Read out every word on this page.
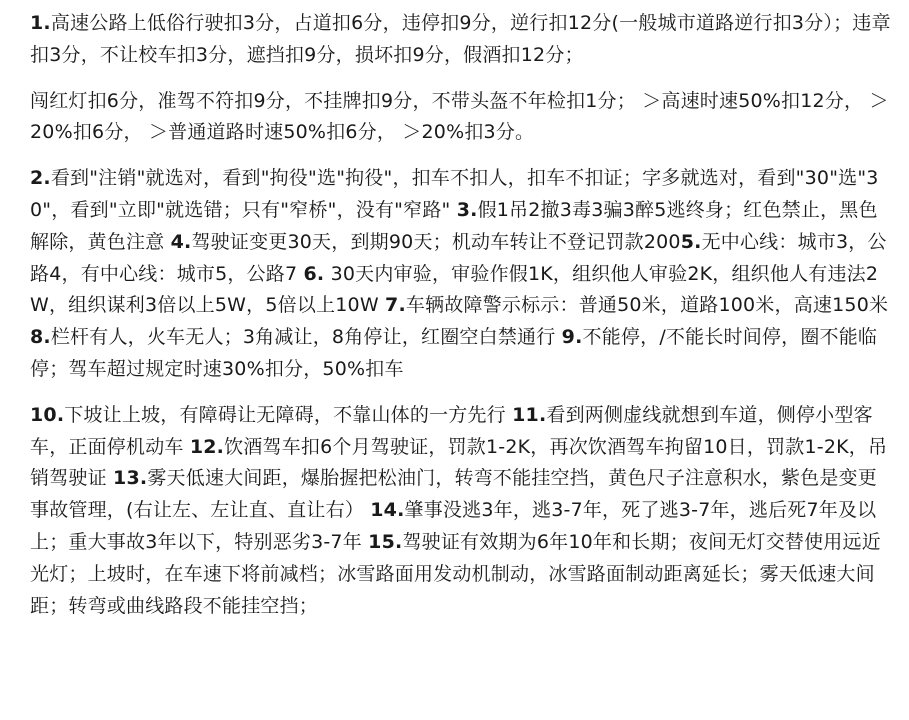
1.高速公路上低俗行驶扣3分，占道扣6分，违停扣9分，逆行扣12分(一般城市道路逆行扣3分）；违章扣3分，不让校车扣3分，遮挡扣9分，损坏扣9分，假酒扣12分；

闯红灯扣6分，准驾不符扣9分，不挂牌扣9分，不带头盔不年检扣1分； ＞高速时速50%扣12分， ＞20%扣6分， ＞普通道路时速50%扣6分， ＞20%扣3分。

2.看到"注销"就选对，看到"拘役"选"拘役"，扣车不扣人，扣车不扣证；字多就选对，看到"30"选"30"，看到"立即"就选错；只有"窄桥"，没有"窄路" 3.假1吊2撤3毒3骗3醉5逃终身；红色禁止，黑色解除，黄色注意 4.驾驶证变更30天，到期90天；机动车转让不登记罚款2005.无中心线：城市3，公路4，有中心线：城市5，公路7 6. 30天内审验，审验作假1K，组织他人审验2K，组织他人有违法2W，组织谋利3倍以上5W，5倍以上10W 7.车辆故障警示标示：普通50米，道路100米，高速150米 8.栏杆有人，火车无人；3角减让，8角停让，红圈空白禁通行 9.不能停，/不能长时间停，圈不能临停；驾车超过规定时速30%扣分，50%扣车

10.下坡让上坡，有障碍让无障碍，不靠山体的一方先行 11.看到两侧虚线就想到车道，侧停小型客车，正面停机动车 12.饮酒驾车扣6个月驾驶证，罚款1-2K，再次饮酒驾车拘留10日，罚款1-2K，吊销驾驶证 13.雾天低速大间距，爆胎握把松油门，转弯不能挂空挡，黄色尺子注意积水，紫色是变更事故管理，(右让左、左让直、直让右） 14.肇事没逃3年，逃3-7年，死了逃3-7年，逃后死7年及以上；重大事故3年以下，特别恶劣3-7年 15.驾驶证有效期为6年10年和长期；夜间无灯交替使用远近光灯；上坡时，在车速下将前减档；冰雪路面用发动机制动，冰雪路面制动距离延长；雾天低速大间距；转弯或曲线路段不能挂空挡；
